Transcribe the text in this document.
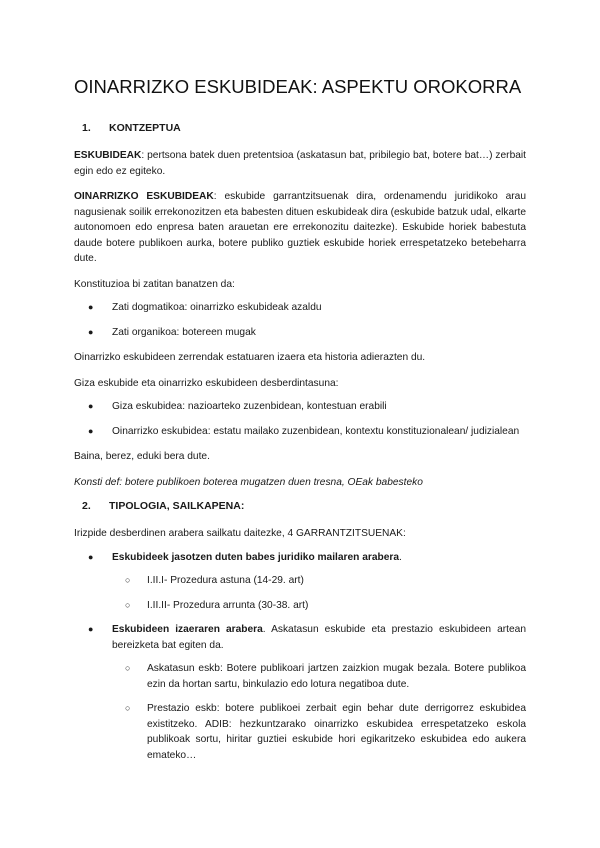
OINARRIZKO ESKUBIDEAK: ASPEKTU OROKORRA
1.	KONTZEPTUA

ESKUBIDEAK: pertsona batek duen pretentsioa (askatasun bat, pribilegio bat, botere bat…) zerbait egin edo ez egiteko.

OINARRIZKO ESKUBIDEAK: eskubide garrantzitsuenak dira, ordenamendu juridikoko arau nagusienak soilik errekonozitzen eta babesten dituen eskubideak dira (eskubide batzuk udal, elkarte autonomoen edo enpresa baten arauetan ere errekonozitu daitezke). Eskubide horiek babestuta daude botere publikoen aurka, botere publiko guztiek eskubide horiek errespetatzeko betebeharra dute.

Konstituzioa bi zatitan banatzen da:

● Zati dogmatikoa: oinarrizko eskubideak azaldu
● Zati organikoa: botereen mugak

Oinarrizko eskubideen zerrendak estatuaren izaera eta historia adierazten du.

Giza eskubide eta oinarrizko eskubideen desberdintasuna:

● Giza eskubidea: nazioarteko zuzenbidean, kontestuan erabili
● Oinarrizko eskubidea: estatu mailako zuzenbidean, kontextu konstituzionalean/ judizialean

Baina, berez, eduki bera dute.

Konsti def: botere publikoen boterea mugatzen duen tresna, OEak babesteko

2.	TIPOLOGIA, SAILKAPENA:

Irizpide desberdinen arabera sailkatu daitezke, 4 GARRANTZITSUENAK:

● Eskubideek jasotzen duten babes juridiko mailaren arabera.
○ I.II.I- Prozedura astuna (14-29. art)
○ I.II.II- Prozedura arrunta (30-38. art)
● Eskubideen izaeraren arabera. Askatasun eskubide eta prestazio eskubideen artean bereizketa bat egiten da.
○ Askatasun eskb: Botere publikoari jartzen zaizkion mugak bezala. Botere publikoa ezin da hortan sartu, binkulazio edo lotura negatiboa dute.
○ Prestazio eskb: botere publikoei zerbait egin behar dute derrigorrez eskubidea existitzeko. ADIB: hezkuntzarako oinarrizko eskubidea errespetatzeko eskola publikoak sortu, hiritar guztiei eskubide hori egikaritzeko eskubidea edo aukera emateko…
